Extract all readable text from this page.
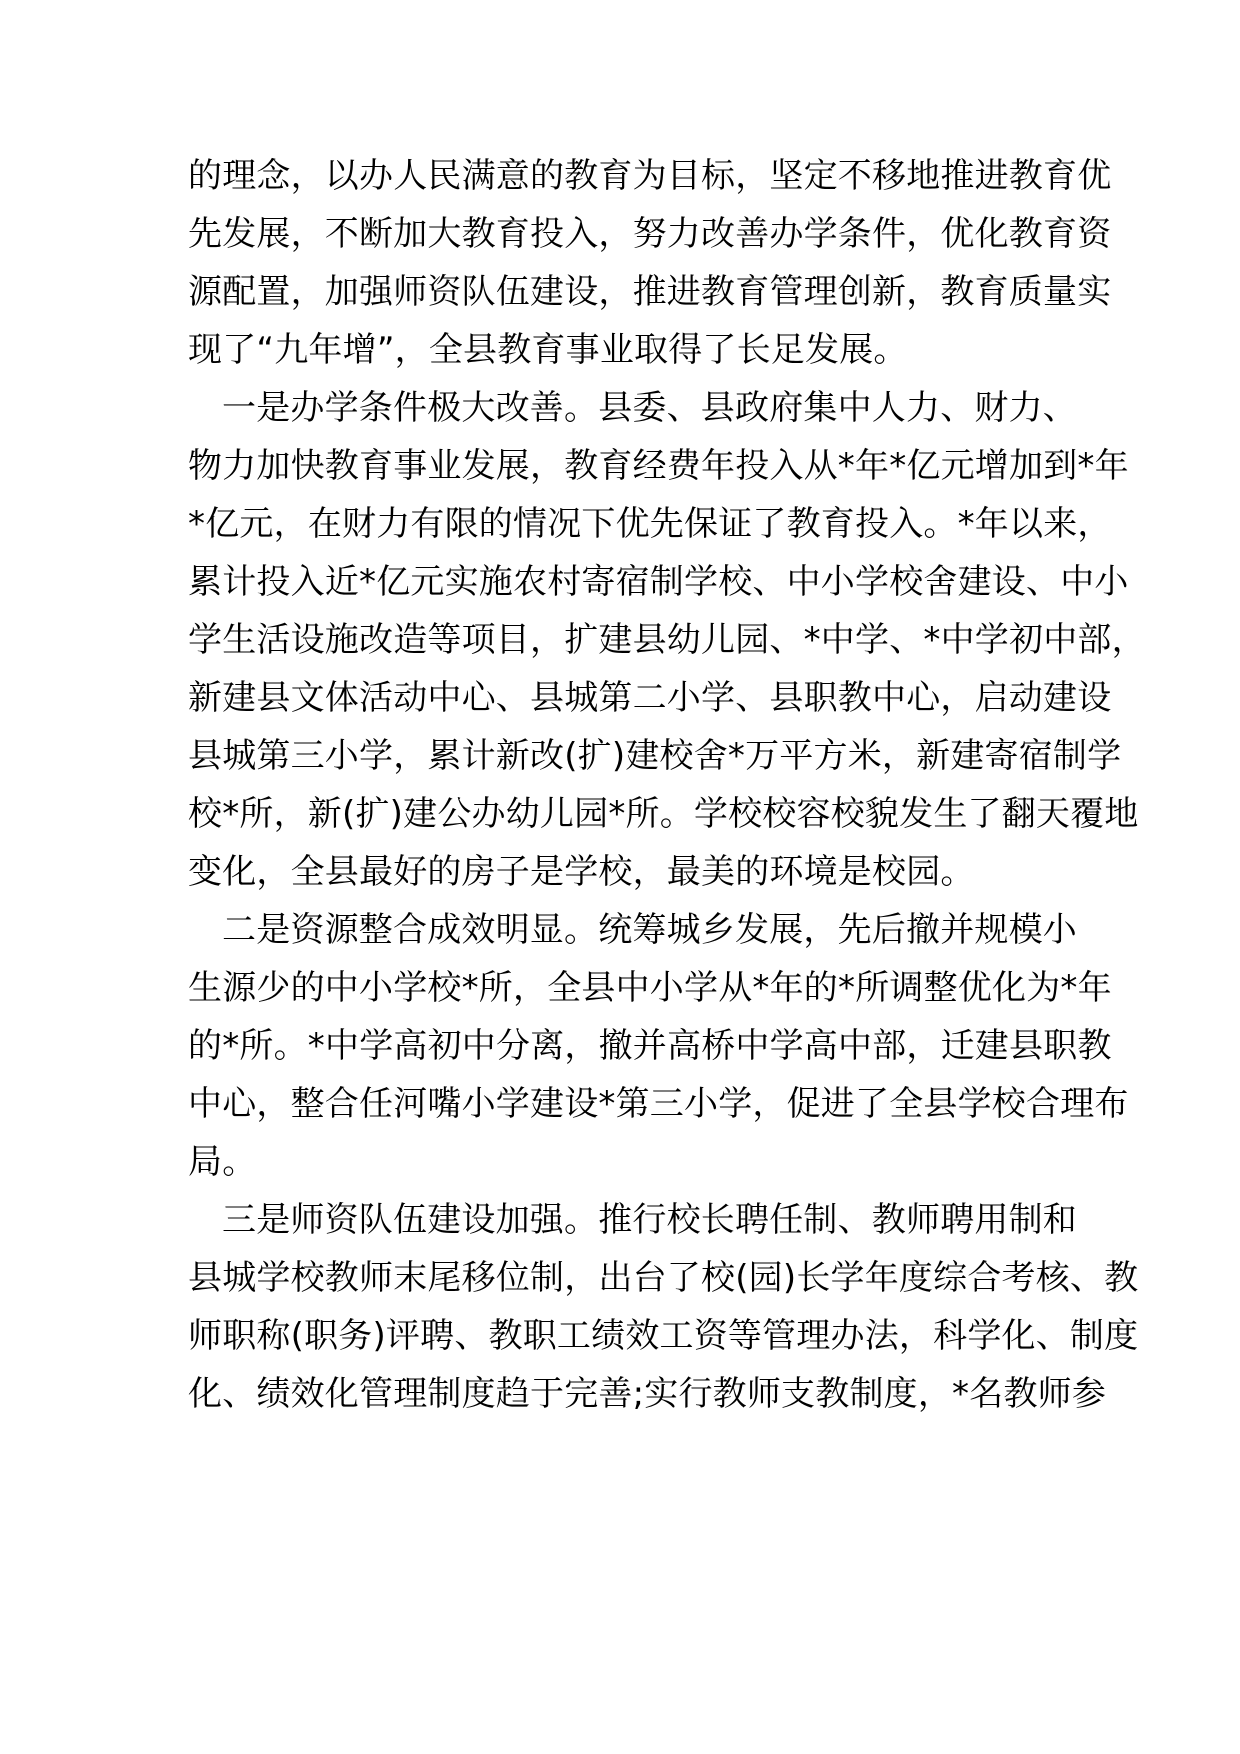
的理念，以办人民满意的教育为目标，坚定不移地推进教育优
先发展，不断加大教育投入，努力改善办学条件，优化教育资
源配置，加强师资队伍建设，推进教育管理创新，教育质量实
现了“九年增”，全县教育事业取得了长足发展。
一是办学条件极大改善。县委、县政府集中人力、财力、
物力加快教育事业发展，教育经费年投入从*年*亿元增加到*年
*亿元，在财力有限的情况下优先保证了教育投入。*年以来，
累计投入近*亿元实施农村寄宿制学校、中小学校舍建设、中小
学生活设施改造等项目，扩建县幼儿园、*中学、*中学初中部，
新建县文体活动中心、县城第二小学、县职教中心，启动建设
县城第三小学，累计新改(扩)建校舍*万平方米，新建寄宿制学
校*所，新(扩)建公办幼儿园*所。学校校容校貌发生了翻天覆地
变化，全县最好的房子是学校，最美的环境是校园。
二是资源整合成效明显。统筹城乡发展，先后撤并规模小
生源少的中小学校*所，全县中小学从*年的*所调整优化为*年
的*所。*中学高初中分离，撤并高桥中学高中部，迁建县职教
中心，整合任河嘴小学建设*第三小学，促进了全县学校合理布
局。
三是师资队伍建设加强。推行校长聘任制、教师聘用制和
县城学校教师末尾移位制，出台了校(园)长学年度综合考核、教
师职称(职务)评聘、教职工绩效工资等管理办法，科学化、制度
化、绩效化管理制度趋于完善;实行教师支教制度，*名教师参
